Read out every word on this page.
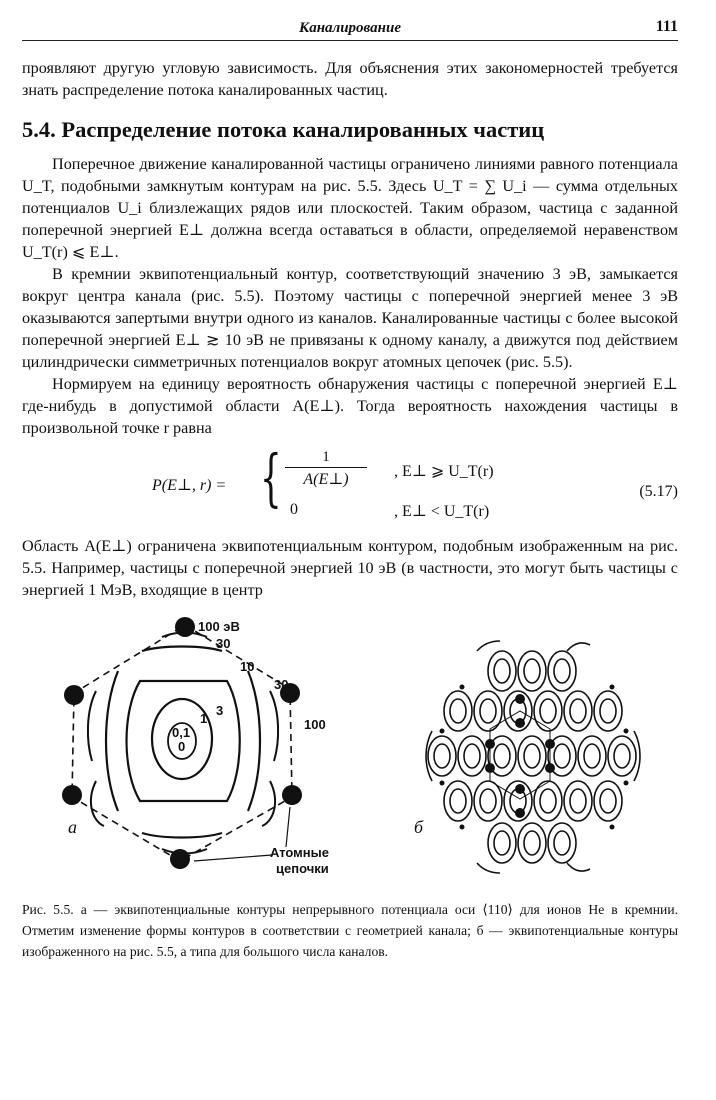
Каналирование	111

проявляют другую угловую зависимость. Для объяснения этих закономерностей требуется знать распределение потока каналированных частиц.

5.4. Распределение потока каналированных частиц

Поперечное движение каналированной частицы ограничено линиями равного потенциала U_T, подобными замкнутым контурам на рис. 5.5. Здесь U_T = ∑ U_i — сумма отдельных потенциалов U_i близлежащих рядов или плоскостей. Таким образом, частица с заданной поперечной энергией E⊥ должна всегда оставаться в области, определяемой неравенством U_T(r) ⩽ E⊥.

В кремнии эквипотенциальный контур, соответствующий значению 3 эВ, замыкается вокруг центра канала (рис. 5.5). Поэтому частицы с поперечной энергией менее 3 эВ оказываются запертыми внутри одного из каналов. Каналированные частицы с более высокой поперечной энергией E⊥ ≳ 10 эВ не привязаны к одному каналу, а движутся под действием цилиндрически симметричных потенциалов вокруг атомных цепочек (рис. 5.5).

Нормируем на единицу вероятность обнаружения частицы с поперечной энергией E⊥ где-нибудь в допустимой области A(E⊥). Тогда вероятность нахождения частицы в произвольной точке r равна

P(E⊥, r) = {	1
A(E⊥)
0
, E⊥ ⩾ U_T(r)
, E⊥ < U_T(r)
(5.17)

Область A(E⊥) ограничена эквипотенциальным контуром, подобным изображенным на рис. 5.5. Например, частицы с поперечной энергией 10 эВ (в частности, это могут быть частицы с энергией 1 МэВ, входящие в центр

100 эВ
30
10
30
100
3
1
0,1
0
Атомные
цепочки
а	б

Рис. 5.5. а — эквипотенциальные контуры непрерывного потенциала оси ⟨110⟩ для ионов He в кремнии. Отметим изменение формы контуров в соответствии с геометрией канала; б — эквипотенциальные контуры изображенного на рис. 5.5, а типа для большого числа каналов.
